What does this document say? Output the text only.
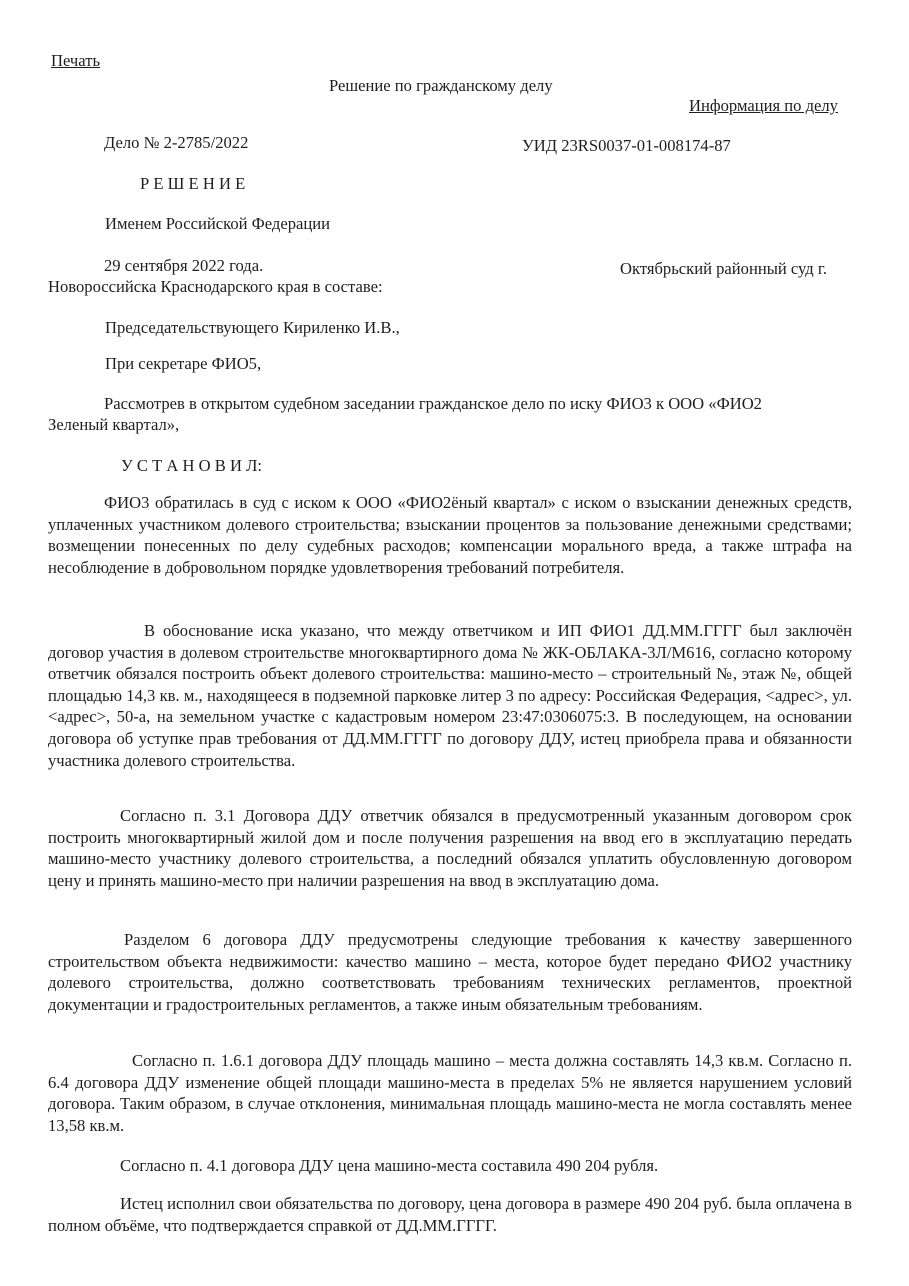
Печать
Решение по гражданскому делу
Информация по делу
Дело № 2-2785/2022	УИД 23RS0037-01-008174-87
Р Е Ш Е Н И Е
Именем Российской Федерации
29 сентября 2022 года.	Октябрьский районный суд г.
Новороссийска Краснодарского края в составе:
Председательствующего Кириленко И.В.,
При секретаре ФИО5,
Рассмотрев в открытом судебном заседании гражданское дело по иску ФИО3 к ООО «ФИО2
Зеленый квартал»,
У С Т А Н О В И Л:
ФИО3 обратилась в суд с иском к ООО «ФИО2ёный квартал» с иском о взыскании денежных средств, уплаченных участником долевого строительства; взыскании процентов за пользование денежными средствами; возмещении понесенных по делу судебных расходов; компенсации морального вреда, а также штрафа на несоблюдение в добровольном порядке удовлетворения требований потребителя.
В обоснование иска указано, что между ответчиком и ИП ФИО1 ДД.ММ.ГГГГ был заключён договор участия в долевом строительстве многоквартирного дома № ЖК-ОБЛАКА-3Л/М616, согласно которому ответчик обязался построить объект долевого строительства: машино-место – строительный №, этаж №, общей площадью 14,3 кв. м., находящееся в подземной парковке литер 3 по адресу: Российская Федерация, <адрес>, ул. <адрес>, 50-а, на земельном участке с кадастровым номером 23:47:0306075:3. В последующем, на основании договора об уступке прав требования от ДД.ММ.ГГГГ по договору ДДУ, истец приобрела права и обязанности участника долевого строительства.
Согласно п. 3.1 Договора ДДУ ответчик обязался в предусмотренный указанным договором срок построить многоквартирный жилой дом и после получения разрешения на ввод его в эксплуатацию передать машино-место участнику долевого строительства, а последний обязался уплатить обусловленную договором цену и принять машино-место при наличии разрешения на ввод в эксплуатацию дома.
Разделом 6 договора ДДУ предусмотрены следующие требования к качеству завершенного строительством объекта недвижимости: качество машино – места, которое будет передано ФИО2 участнику долевого строительства, должно соответствовать требованиям технических регламентов, проектной документации и градостроительных регламентов, а также иным обязательным требованиям.
Согласно п. 1.6.1 договора ДДУ площадь машино – места должна составлять 14,3 кв.м. Согласно п. 6.4 договора ДДУ изменение общей площади машино-места в пределах 5% не является нарушением условий договора. Таким образом, в случае отклонения, минимальная площадь машино-места не могла составлять менее 13,58 кв.м.
Согласно п. 4.1 договора ДДУ цена машино-места составила 490 204 рубля.
Истец исполнил свои обязательства по договору, цена договора в размере 490 204 руб. была оплачена в полном объёме, что подтверждается справкой от ДД.ММ.ГГГГ.
